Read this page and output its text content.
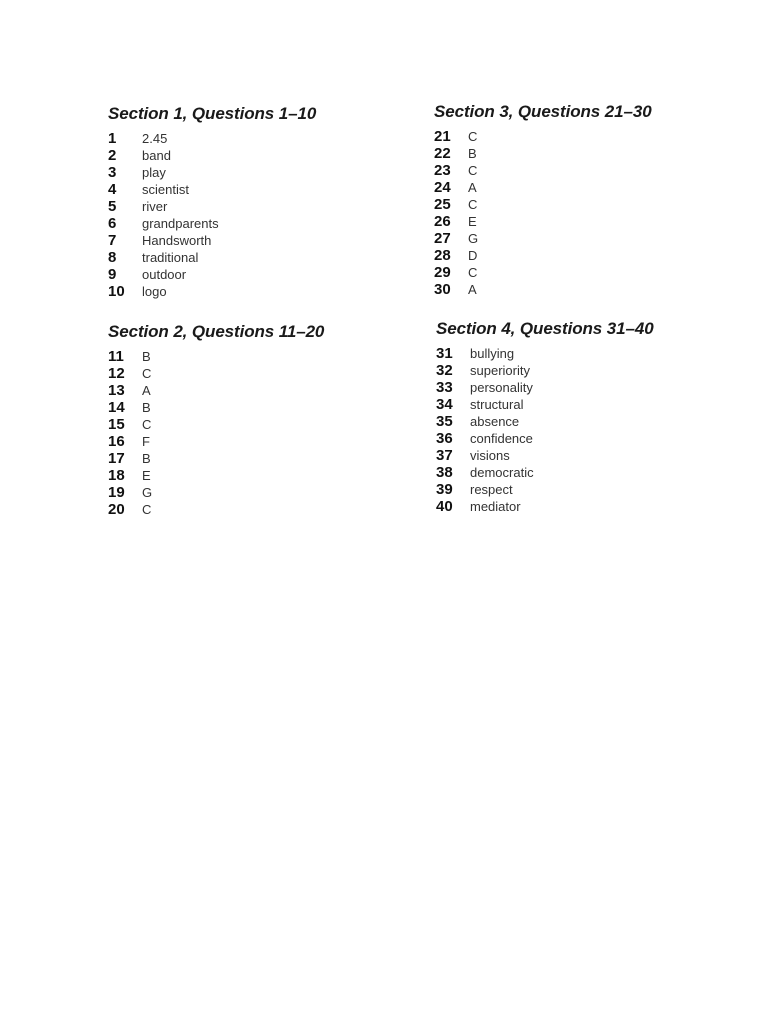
Section 1, Questions 1–10
1	2.45
2	band
3	play
4	scientist
5	river
6	grandparents
7	Handsworth
8	traditional
9	outdoor
10	logo
Section 2, Questions 11–20
11	B
12	C
13	A
14	B
15	C
16	F
17	B
18	E
19	G
20	C
Section 3, Questions 21–30
21	C
22	B
23	C
24	A
25	C
26	E
27	G
28	D
29	C
30	A
Section 4, Questions 31–40
31	bullying
32	superiority
33	personality
34	structural
35	absence
36	confidence
37	visions
38	democratic
39	respect
40	mediator
